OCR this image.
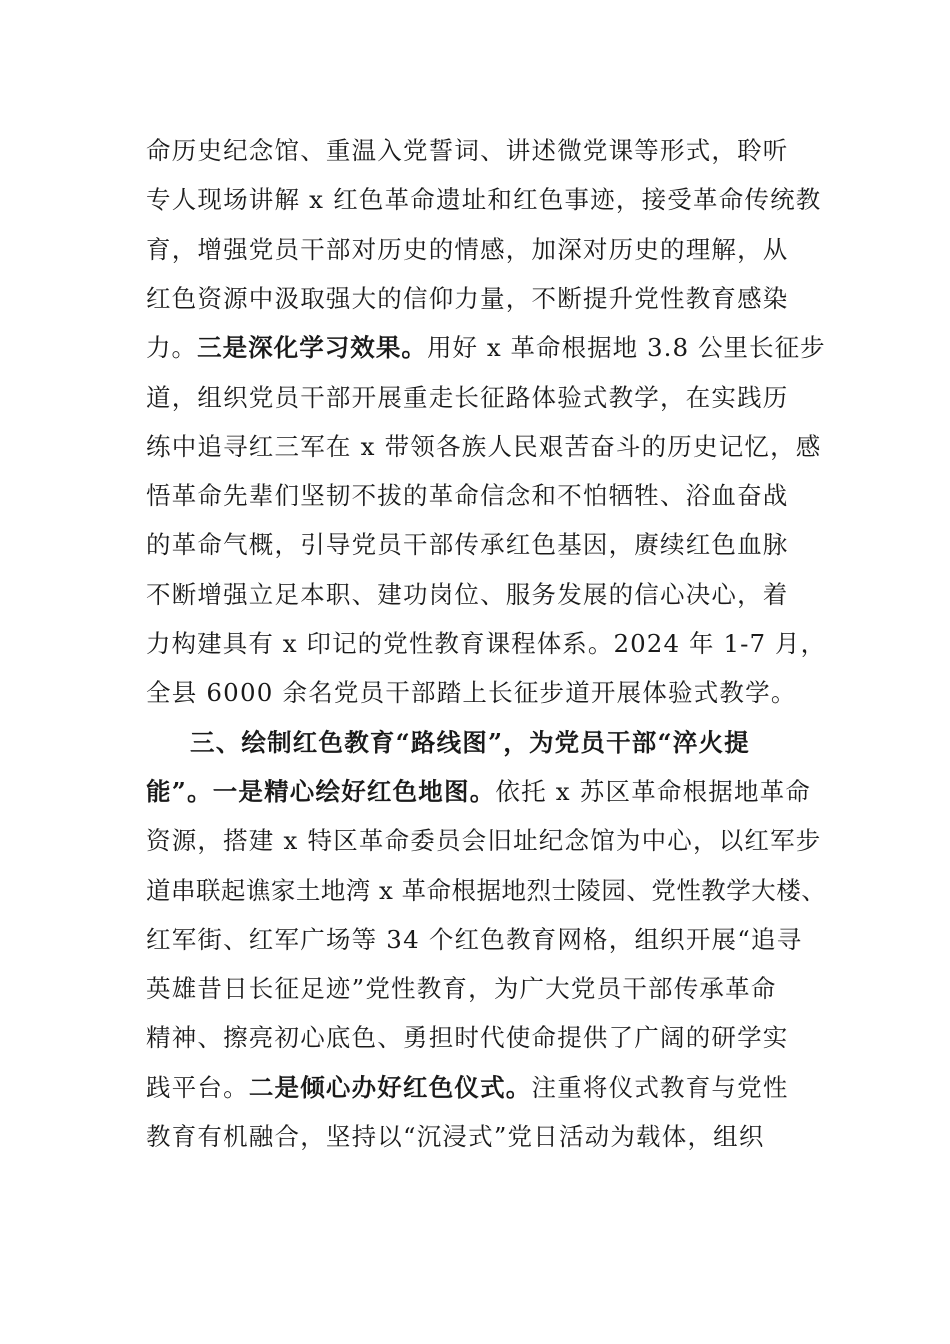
命历史纪念馆、重温入党誓词、讲述微党课等形式，聆听
专人现场讲解 x 红色革命遗址和红色事迹，接受革命传统教
育，增强党员干部对历史的情感，加深对历史的理解，从
红色资源中汲取强大的信仰力量，不断提升党性教育感染
力。三是深化学习效果。用好 x 革命根据地 3.8 公里长征步
道，组织党员干部开展重走长征路体验式教学，在实践历
练中追寻红三军在 x 带领各族人民艰苦奋斗的历史记忆，感
悟革命先辈们坚韧不拔的革命信念和不怕牺牲、浴血奋战
的革命气概，引导党员干部传承红色基因，赓续红色血脉
不断增强立足本职、建功岗位、服务发展的信心决心，着
力构建具有 x 印记的党性教育课程体系。2024 年 1-7 月，
全县 6000 余名党员干部踏上长征步道开展体验式教学。
三、绘制红色教育“路线图”，为党员干部“淬火提
能”。一是精心绘好红色地图。依托 x 苏区革命根据地革命
资源，搭建 x 特区革命委员会旧址纪念馆为中心，以红军步
道串联起谯家土地湾 x 革命根据地烈士陵园、党性教学大楼、
红军街、红军广场等 34 个红色教育网格，组织开展“追寻
英雄昔日长征足迹”党性教育，为广大党员干部传承革命
精神、擦亮初心底色、勇担时代使命提供了广阔的研学实
践平台。二是倾心办好红色仪式。注重将仪式教育与党性
教育有机融合，坚持以“沉浸式”党日活动为载体，组织
